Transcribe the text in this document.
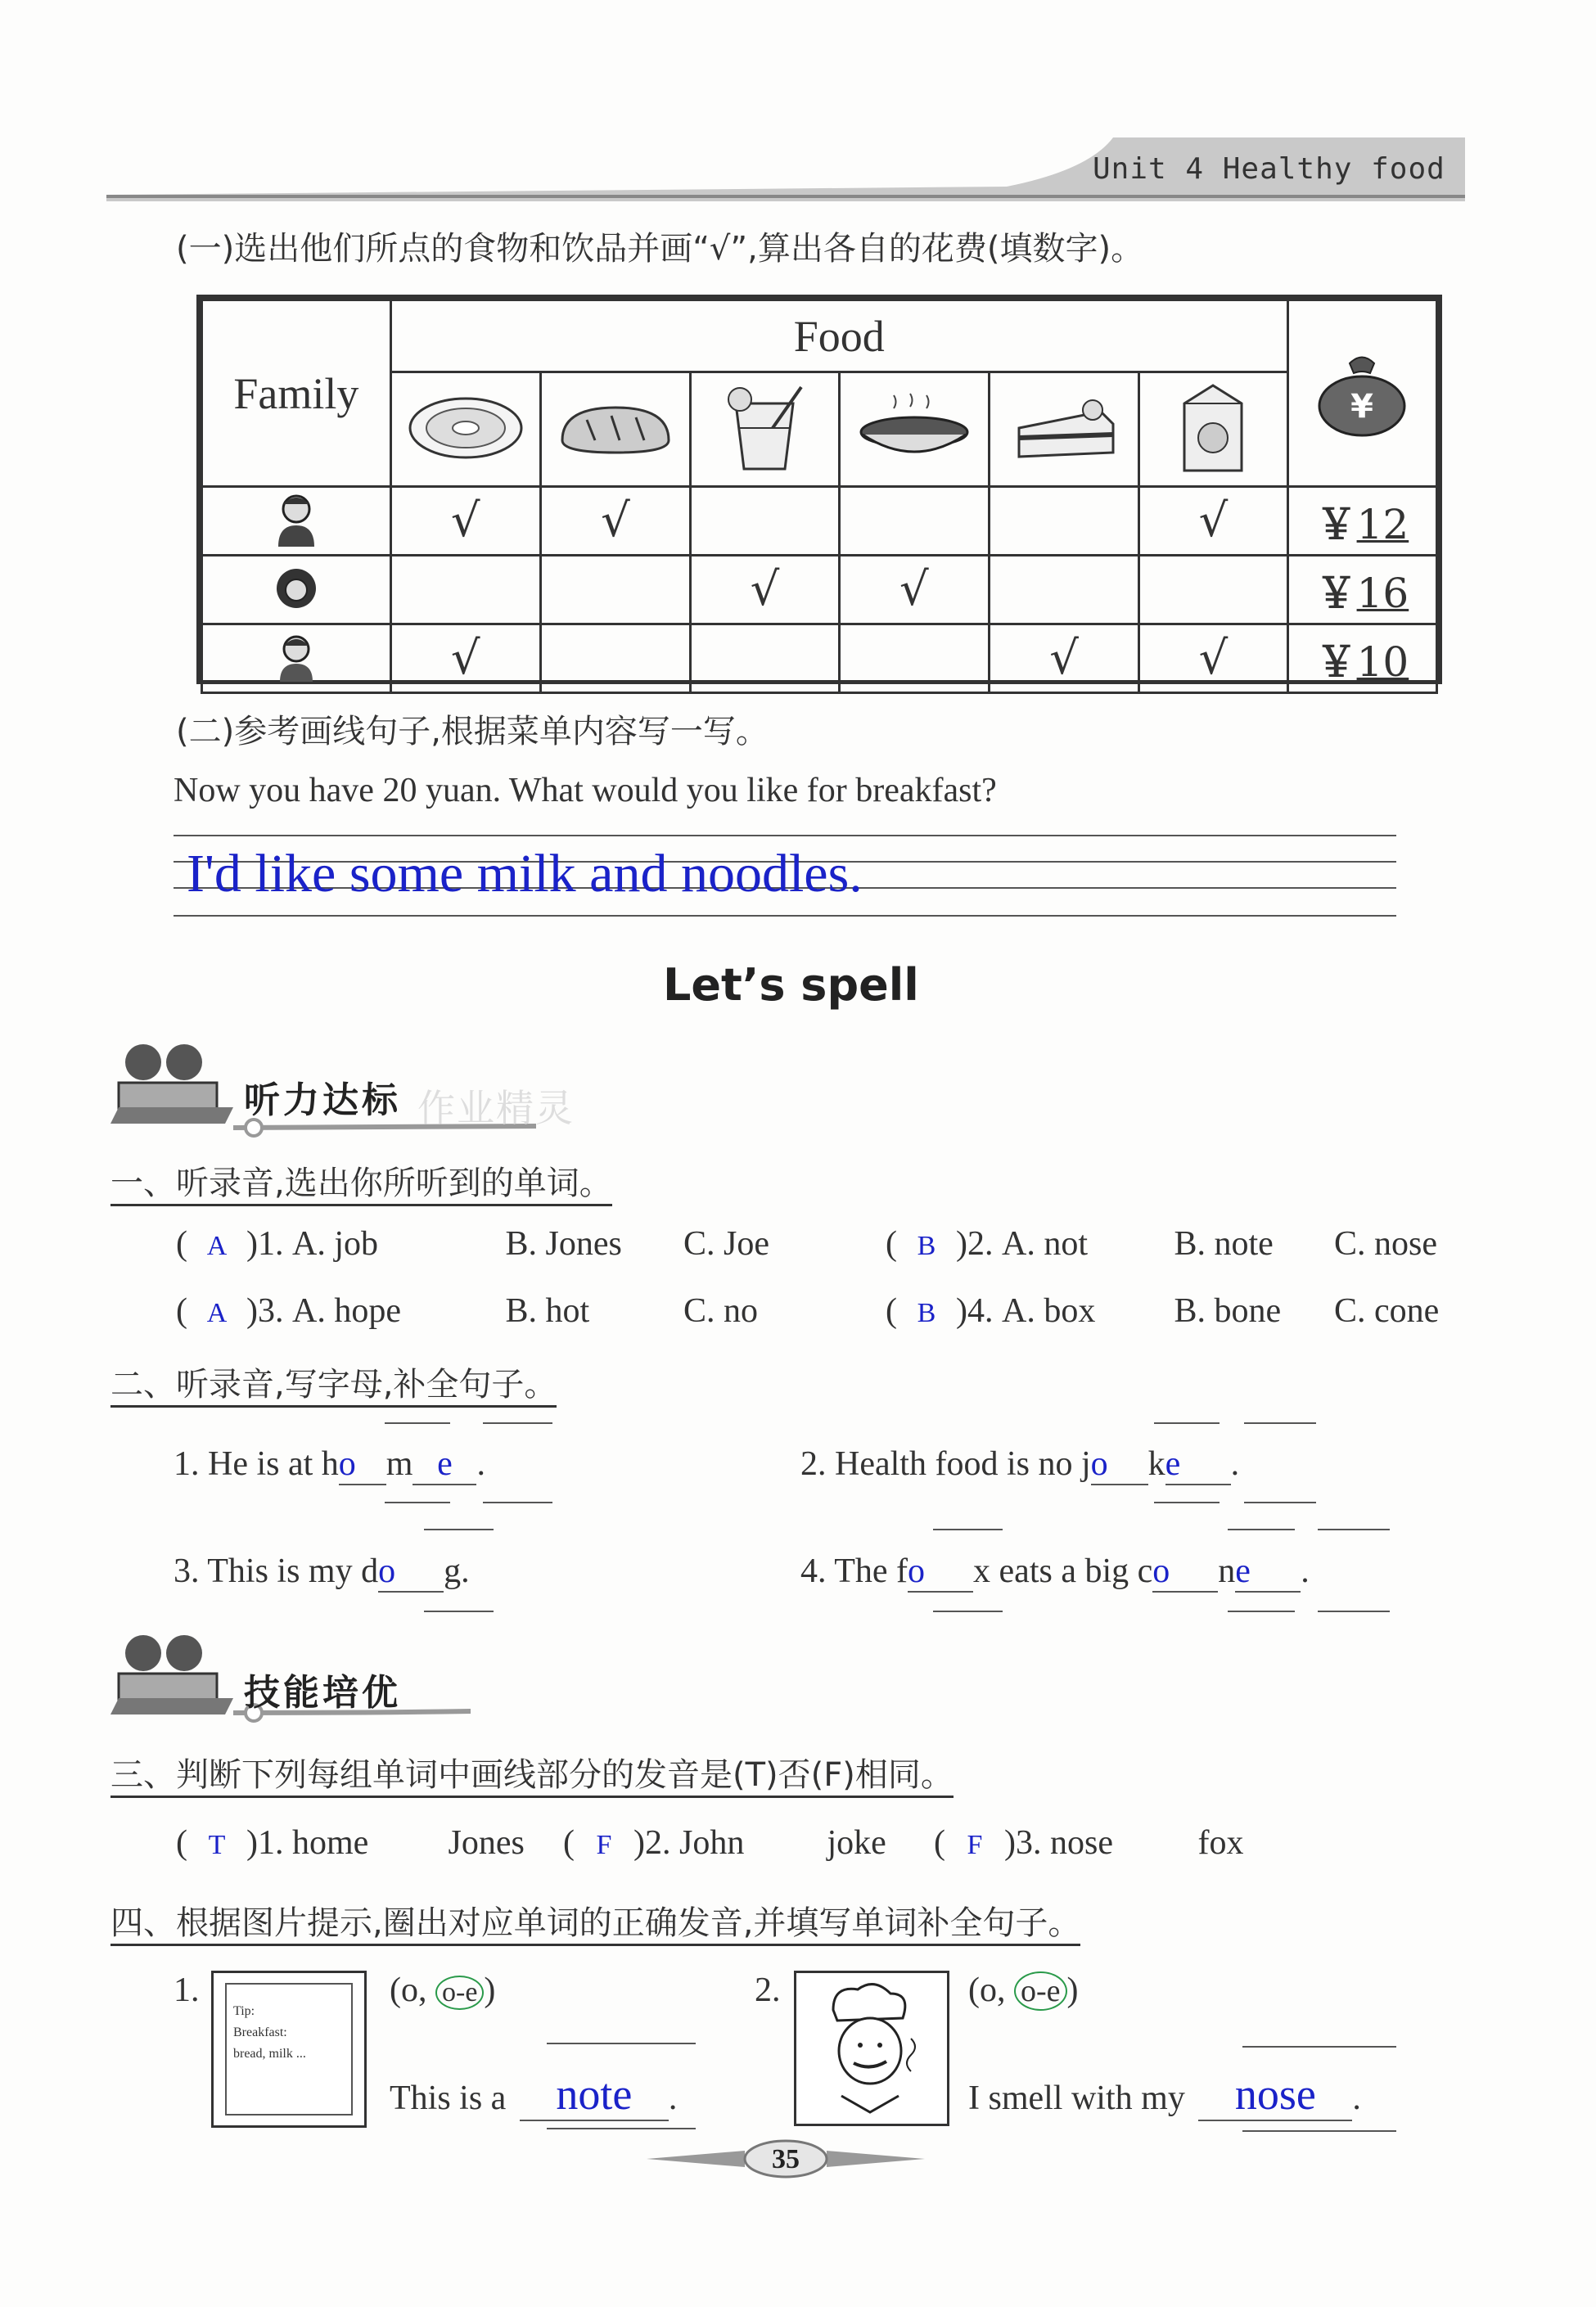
Unit 4 Healthy food
(一)选出他们所点的食物和饮品并画“√”,算出各自的花费(填数字)。
Family	Food						¥

	√	√				√	￥12
			√	√			￥16
	√				√	√	￥10
(二)参考画线句子,根据菜单内容写一写。
Now you have 20 yuan. What would you like for breakfast?
I'd like some milk and noodles.
Let’s spell
听力达标 作业精灵
一、听录音,选出你所听到的单词。
( A )1. A. job	B. Jones C. Joe	( B )2. A. not	B. note C. nose
( A )3. A. hope	B. hot	C. no	( B )4. A. box B. bone C. cone
二、听录音,写字母,补全句子。
1. He is at ho m e .	2. Health food is no jo ke .
3. This is my do g.	4. The fo x eats a big co ne .
技能培优
三、判断下列每组单词中画线部分的发音是(T)否(F)相同。
( T )1. home Jones ( F )2. John joke ( F )3. nose fox
四、根据图片提示,圈出对应单词的正确发音,并填写单词补全句子。
1.
Tip:
Breakfast:
bread, milk ...
(o, o-e )
This is a note .
2.	(o, o-e )
I smell with my nose .
35
